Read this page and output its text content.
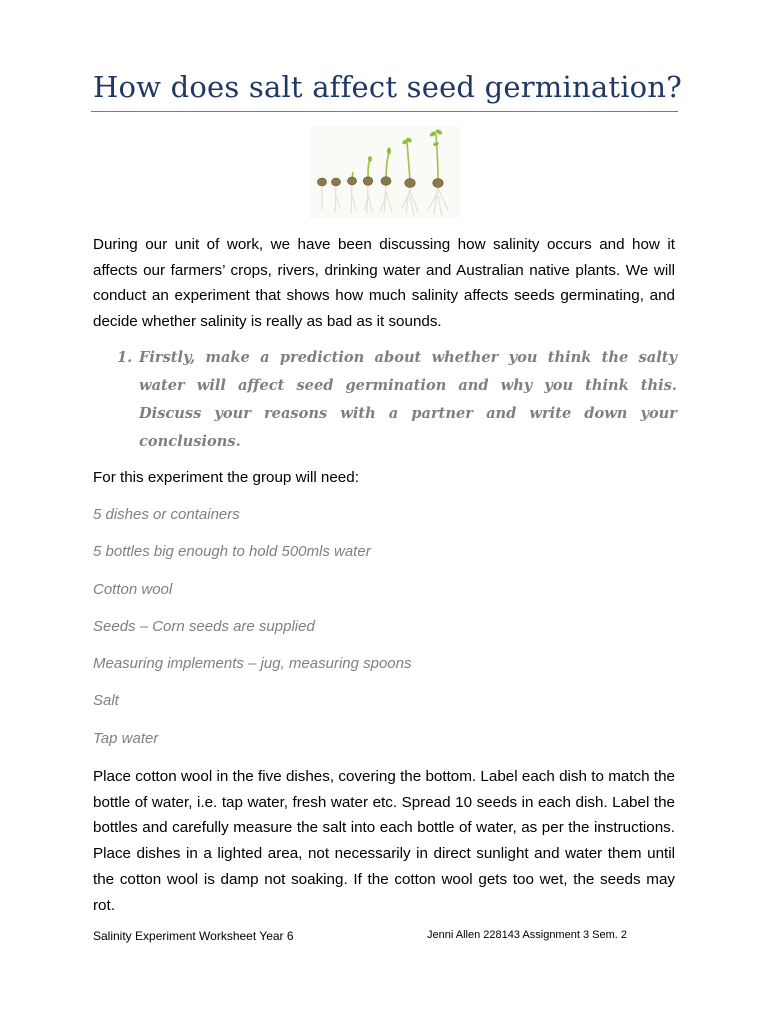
How does salt affect seed germination?
During our unit of work, we have been discussing how salinity occurs and how it affects our farmers’ crops, rivers, drinking water and Australian native plants. We will conduct an experiment that shows how much salinity affects seeds germinating, and decide whether salinity is really as bad as it sounds.
1. Firstly, make a prediction about whether you think the salty water will affect seed germination and why you think this. Discuss your reasons with a partner and write down your conclusions.
For this experiment the group will need:
5 dishes or containers
5 bottles big enough to hold 500mls water
Cotton wool
Seeds – Corn seeds are supplied
Measuring implements – jug, measuring spoons
Salt
Tap water
Place cotton wool in the five dishes, covering the bottom. Label each dish to match the bottle of water, i.e. tap water, fresh water etc. Spread 10 seeds in each dish. Label the bottles and carefully measure the salt into each bottle of water, as per the instructions. Place dishes in a lighted area, not necessarily in direct sunlight and water them until the cotton wool is damp not soaking. If the cotton wool gets too wet, the seeds may rot.
Salinity Experiment Worksheet Year 6	Jenni Allen 228143 Assignment 3 Sem. 2
